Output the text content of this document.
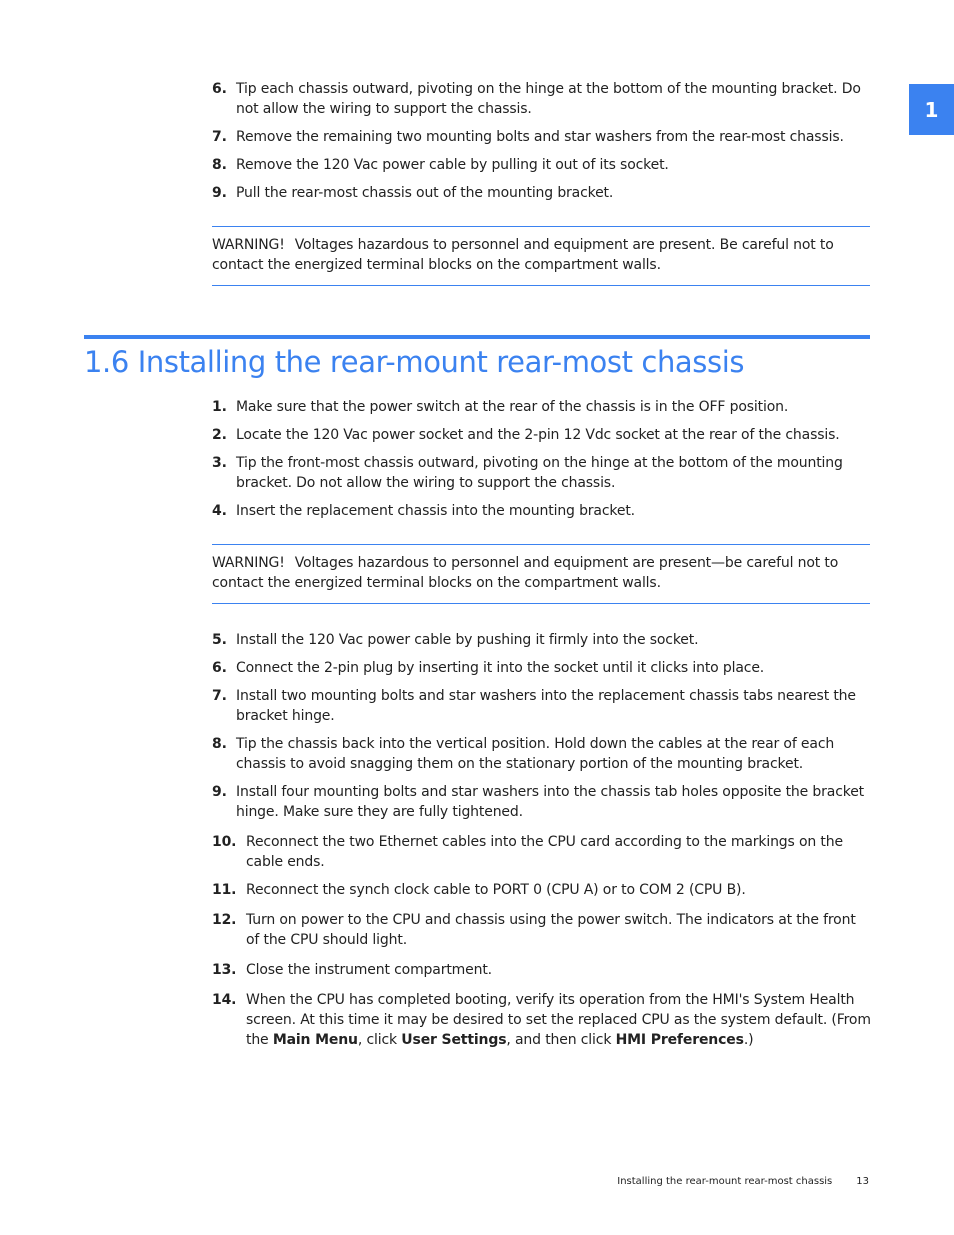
1
6. Tip each chassis outward, pivoting on the hinge at the bottom of the mounting bracket. Do not allow the wiring to support the chassis.
7. Remove the remaining two mounting bolts and star washers from the rear-most chassis.
8. Remove the 120 Vac power cable by pulling it out of its socket.
9. Pull the rear-most chassis out of the mounting bracket.
WARNING! Voltages hazardous to personnel and equipment are present. Be careful not to contact the energized terminal blocks on the compartment walls.
1.6 Installing the rear-mount rear-most chassis
1. Make sure that the power switch at the rear of the chassis is in the OFF position.
2. Locate the 120 Vac power socket and the 2-pin 12 Vdc socket at the rear of the chassis.
3. Tip the front-most chassis outward, pivoting on the hinge at the bottom of the mounting bracket. Do not allow the wiring to support the chassis.
4. Insert the replacement chassis into the mounting bracket.
WARNING! Voltages hazardous to personnel and equipment are present—be careful not to contact the energized terminal blocks on the compartment walls.
5. Install the 120 Vac power cable by pushing it firmly into the socket.
6. Connect the 2-pin plug by inserting it into the socket until it clicks into place.
7. Install two mounting bolts and star washers into the replacement chassis tabs nearest the bracket hinge.
8. Tip the chassis back into the vertical position. Hold down the cables at the rear of each chassis to avoid snagging them on the stationary portion of the mounting bracket.
9. Install four mounting bolts and star washers into the chassis tab holes opposite the bracket hinge. Make sure they are fully tightened.
10. Reconnect the two Ethernet cables into the CPU card according to the markings on the cable ends.
11. Reconnect the synch clock cable to PORT 0 (CPU A) or to COM 2 (CPU B).
12. Turn on power to the CPU and chassis using the power switch. The indicators at the front of the CPU should light.
13. Close the instrument compartment.
14. When the CPU has completed booting, verify its operation from the HMI's System Health screen. At this time it may be desired to set the replaced CPU as the system default. (From the Main Menu, click User Settings, and then click HMI Preferences.)
Installing the rear-mount rear-most chassis 13
